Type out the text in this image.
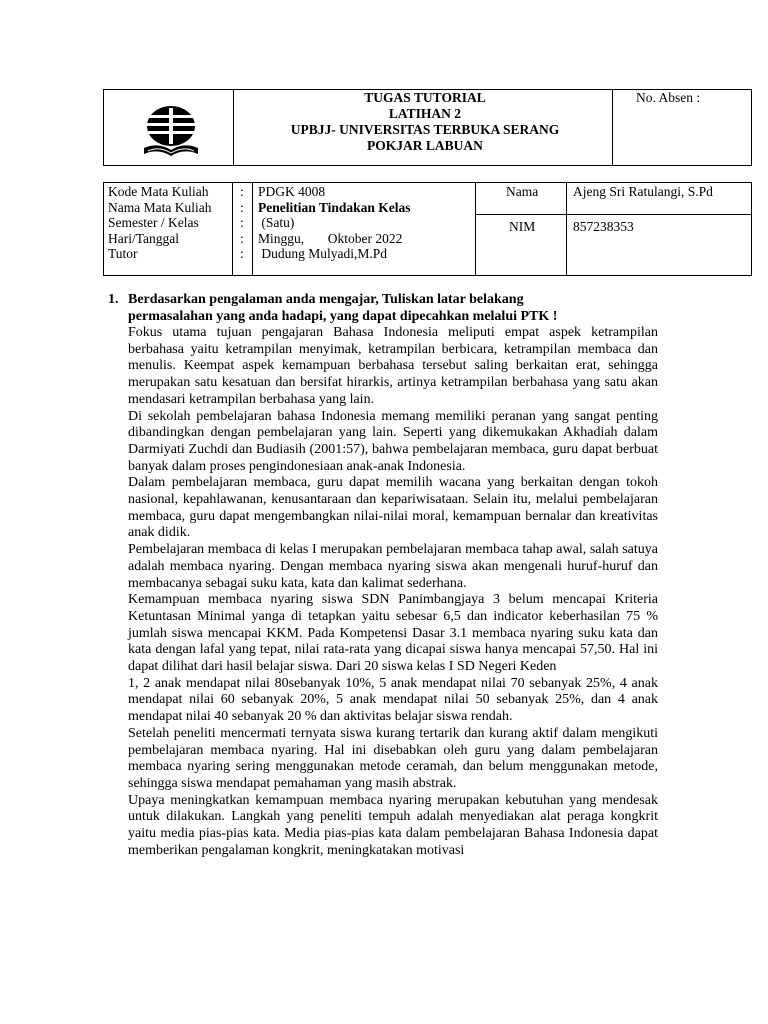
TUGAS TUTORIAL
LATIHAN 2
UPBJJ- UNIVERSITAS TERBUKA SERANG
POKJAR LABUAN
No. Absen :
Kode Mata Kuliah
Nama Mata Kuliah
Semester / Kelas
Hari/Tanggal
Tutor
:
:
:
:
:
PDGK 4008
Penelitian Tindakan Kelas
(Satu)
Minggu,       Oktober 2022
Dudung Mulyadi,M.Pd
Nama	Ajeng Sri Ratulangi, S.Pd
NIM	857238353
1. Berdasarkan pengalaman anda mengajar, Tuliskan latar belakang
permasalahan yang anda hadapi, yang dapat dipecahkan melalui PTK !

Fokus utama tujuan pengajaran Bahasa Indonesia meliputi empat aspek ketrampilan berbahasa yaitu ketrampilan menyimak, ketrampilan berbicara, ketrampilan membaca dan menulis. Keempat aspek kemampuan berbahasa tersebut saling berkaitan erat, sehingga merupakan satu kesatuan dan bersifat hirarkis, artinya ketrampilan berbahasa yang satu akan mendasari ketrampilan berbahasa yang lain.

Di sekolah pembelajaran bahasa Indonesia memang memiliki peranan yang sangat penting dibandingkan dengan pembelajaran yang lain. Seperti yang dikemukakan Akhadiah dalam Darmiyati Zuchdi dan Budiasih (2001:57), bahwa pembelajaran membaca, guru dapat berbuat banyak dalam proses pengindonesiaan anak-anak Indonesia.

Dalam pembelajaran membaca, guru dapat memilih wacana yang berkaitan dengan tokoh nasional, kepahlawanan, kenusantaraan dan kepariwisataan. Selain itu, melalui pembelajaran membaca, guru dapat mengembangkan nilai-nilai moral, kemampuan bernalar dan kreativitas anak didik.

Pembelajaran membaca di kelas I merupakan pembelajaran membaca tahap awal, salah satuya adalah membaca nyaring. Dengan membaca nyaring siswa akan mengenali huruf-huruf dan membacanya sebagai suku kata, kata dan kalimat sederhana.

Kemampuan membaca nyaring siswa SDN Panimbangjaya 3 belum mencapai Kriteria Ketuntasan Minimal yanga di tetapkan yaitu sebesar 6,5 dan indicator keberhasilan 75 % jumlah siswa mencapai KKM. Pada Kompetensi Dasar 3.1 membaca nyaring suku kata dan kata dengan lafal yang tepat, nilai rata-rata yang dicapai siswa hanya mencapai 57,50. Hal ini dapat dilihat dari hasil belajar siswa. Dari 20 siswa kelas I SD Negeri Keden

1, 2 anak mendapat nilai 80sebanyak 10%, 5 anak mendapat nilai 70 sebanyak 25%, 4 anak mendapat nilai 60 sebanyak 20%, 5 anak mendapat nilai 50 sebanyak 25%, dan 4 anak mendapat nilai 40 sebanyak 20 % dan aktivitas belajar siswa rendah.

Setelah peneliti mencermati ternyata siswa kurang tertarik dan kurang aktif dalam mengikuti pembelajaran membaca nyaring. Hal ini disebabkan oleh guru yang dalam pembelajaran membaca nyaring sering menggunakan metode ceramah, dan belum menggunakan metode, sehingga siswa mendapat pemahaman yang masih abstrak.

Upaya meningkatkan kemampuan membaca nyaring merupakan kebutuhan yang mendesak untuk dilakukan. Langkah yang peneliti tempuh adalah menyediakan alat peraga kongkrit yaitu media pias-pias kata. Media pias-pias kata dalam pembelajaran Bahasa Indonesia dapat memberikan pengalaman kongkrit, meningkatakan motivasi
